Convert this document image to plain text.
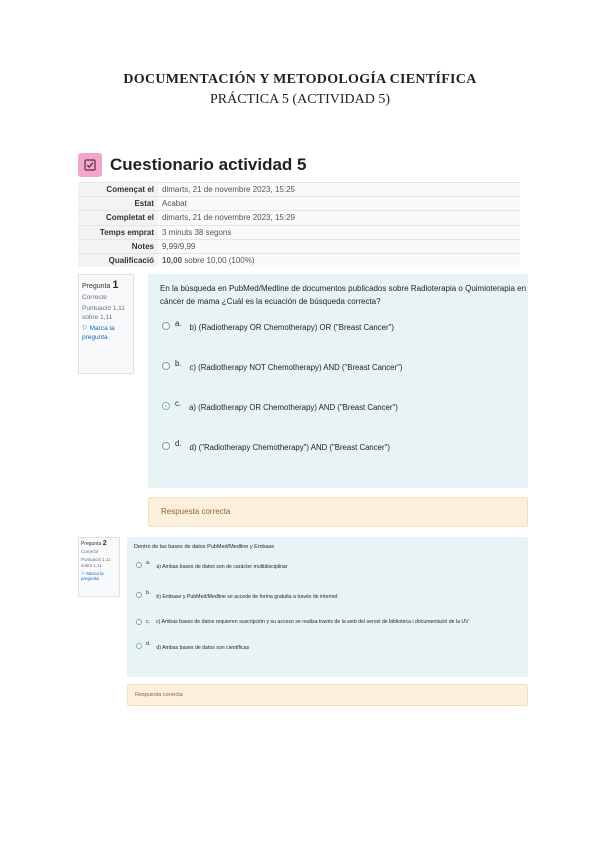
DOCUMENTACIÓN Y METODOLOGÍA CIENTÍFICA
PRÁCTICA 5 (ACTIVIDAD 5)
Cuestionario actividad 5
Començat el	dimarts, 21 de novembre 2023, 15:25
Estat	Acabat
Completat el	dimarts, 21 de novembre 2023, 15:29
Temps emprat	3 minuts 38 segons
Notes	9,99/9,99
Qualificació	10,00 sobre 10,00 (100%)
Pregunta 1
Correcte
Puntuació 1,11 sobre 1,11
⚐ Marca la pregunta
En la búsqueda en PubMed/Medline de documentos publicados sobre Radioterapia o Quimioterapia en cáncer de mama ¿Cuál es la ecuación de búsqueda correcta?
a. b) (Radiotherapy OR Chemotherapy) OR ("Breast Cancer")
b. c) (Radiotherapy NOT Chemotherapy) AND ("Breast Cancer")
c. a) (Radiotherapy OR Chemotherapy) AND ("Breast Cancer")
d. d) ("Radiotherapy Chemotherapy") AND ("Breast Cancer")
Respuesta correcta
Pregunta 2
Correcte
Puntuació 1,11 sobre 1,11
⚐ Marca la pregunta
Dentro de las bases de datos PubMed/Medline y Embase
a.
a) Ambas bases de datos son de carácter multidisciplinar
b.
b) Embase y PubMed/Medline se accede de forma gratuita a través de internet
c. c) Ambas bases de datos requieren suscripción y su acceso se realiza través de la web del servei de biblioteca i documentació de la UV
d.
d) Ambas bases de datos son científicas
Respuesta correcta
